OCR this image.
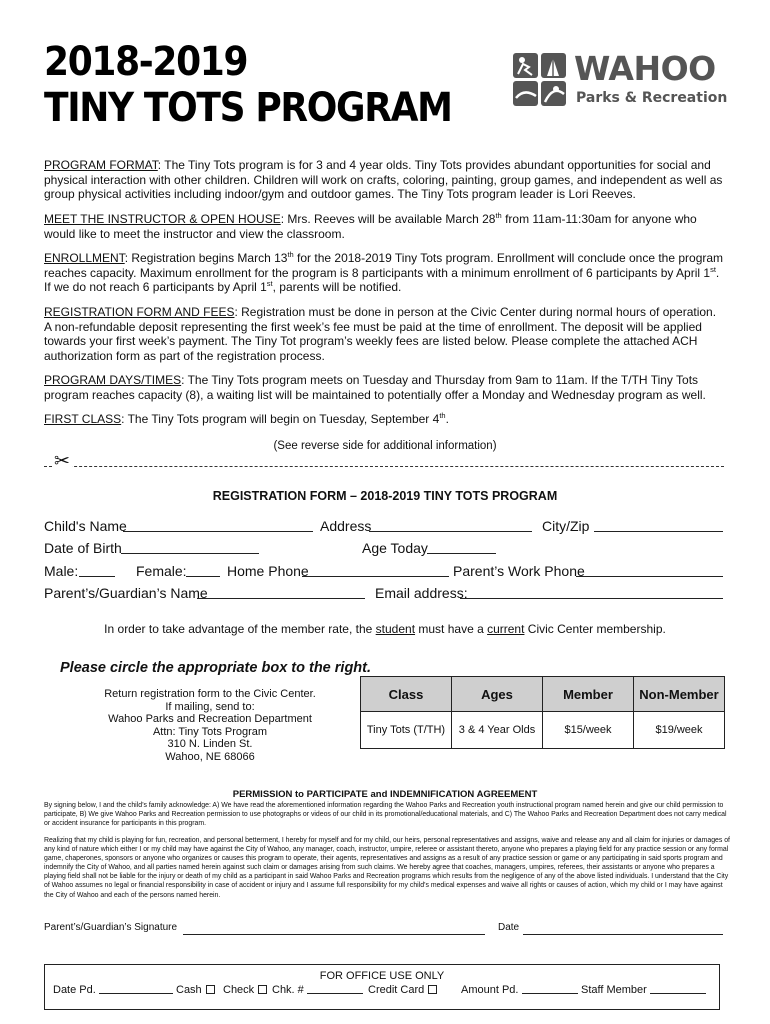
2018-2019
TINY TOTS PROGRAM
WAHOO
Parks & Recreation
PROGRAM FORMAT: The Tiny Tots program is for 3 and 4 year olds. Tiny Tots provides abundant opportunities for social and physical interaction with other children. Children will work on crafts, coloring, painting, group games, and independent as well as group physical activities including indoor/gym and outdoor games. The Tiny Tots program leader is Lori Reeves.
MEET THE INSTRUCTOR & OPEN HOUSE: Mrs. Reeves will be available March 28th from 11am-11:30am for anyone who would like to meet the instructor and view the classroom.
ENROLLMENT: Registration begins March 13th for the 2018-2019 Tiny Tots program. Enrollment will conclude once the program reaches capacity. Maximum enrollment for the program is 8 participants with a minimum enrollment of 6 participants by April 1st. If we do not reach 6 participants by April 1st, parents will be notified.
REGISTRATION FORM AND FEES: Registration must be done in person at the Civic Center during normal hours of operation. A non-refundable deposit representing the first week’s fee must be paid at the time of enrollment. The deposit will be applied towards your first week’s payment. The Tiny Tot program’s weekly fees are listed below. Please complete the attached ACH authorization form as part of the registration process.
PROGRAM DAYS/TIMES: The Tiny Tots program meets on Tuesday and Thursday from 9am to 11am. If the T/TH Tiny Tots program reaches capacity (8), a waiting list will be maintained to potentially offer a Monday and Wednesday program as well.
FIRST CLASS: The Tiny Tots program will begin on Tuesday, September 4th.
(See reverse side for additional information)
✂
REGISTRATION FORM – 2018-2019 TINY TOTS PROGRAM
Child's Name	Address	City/Zip
Date of Birth	Age Today
Male:	Female:	Home Phone	Parent’s Work Phone
Parent’s/Guardian’s Name	Email address:
In order to take advantage of the member rate, the student must have a current Civic Center membership.
Please circle the appropriate box to the right.
Return registration form to the Civic Center.
If mailing, send to:
Wahoo Parks and Recreation Department
Attn: Tiny Tots Program
310 N. Linden St.
Wahoo, NE 68066
Class	Ages	Member	Non-Member
Tiny Tots (T/TH)	3 & 4 Year Olds	$15/week	$19/week
PERMISSION to PARTICIPATE and INDEMNIFICATION AGREEMENT
By signing below, I and the child’s family acknowledge: A) We have read the aforementioned information regarding the Wahoo Parks and Recreation youth instructional program named herein and give our child permission to participate, B) We give Wahoo Parks and Recreation permission to use photographs or videos of our child in its promotional/educational materials, and C) The Wahoo Parks and Recreation Department does not carry medical or accident insurance for participants in this program.
Realizing that my child is playing for fun, recreation, and personal betterment, I hereby for myself and for my child, our heirs, personal representatives and assigns, waive and release any and all claim for injuries or damages of any kind of nature which either I or my child may have against the City of Wahoo, any manager, coach, instructor, umpire, referee or assistant thereto, anyone who prepares a playing field for any practice session or any formal game, chaperones, sponsors or anyone who organizes or causes this program to operate, their agents, representatives and assigns as a result of any practice session or game or any participating in said sports program and indemnify the City of Wahoo, and all parties named herein against such claim or damages arising from such claims. We hereby agree that coaches, managers, umpires, referees, their assistants or anyone who prepares a playing field shall not be liable for the injury or death of my child as a participant in said Wahoo Parks and Recreation programs which results from the negligence of any of the above listed individuals. I understand that the City of Wahoo assumes no legal or financial responsibility in case of accident or injury and I assume full responsibility for my child’s medical expenses and waive all rights or causes of action, which my child or I may have against the City of Wahoo and each of the persons named herein.
Parent’s/Guardian’s Signature	Date
FOR OFFICE USE ONLY
Date Pd.	Cash	Check	Chk. #	Credit Card	Amount Pd.	Staff Member
